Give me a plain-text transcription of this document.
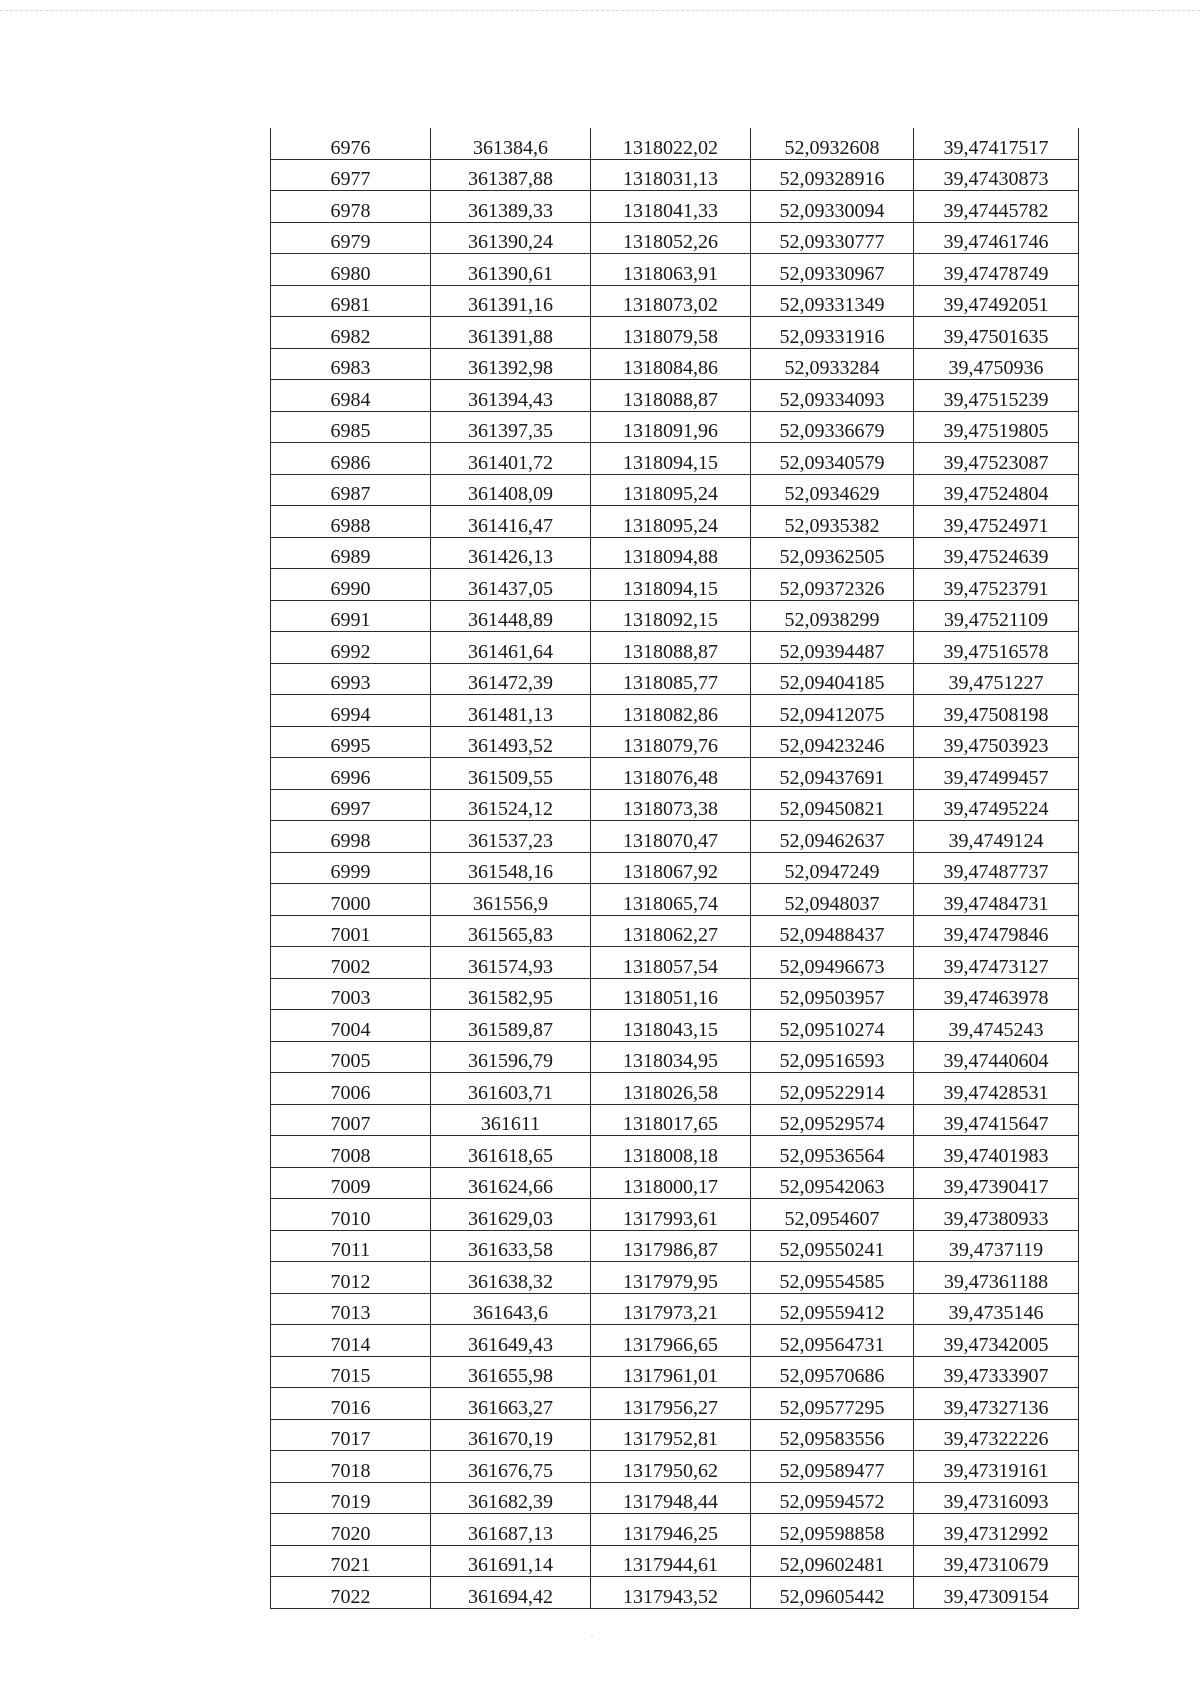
6976	361384,6	1318022,02	52,0932608	39,47417517
6977	361387,88	1318031,13	52,09328916	39,47430873
6978	361389,33	1318041,33	52,09330094	39,47445782
6979	361390,24	1318052,26	52,09330777	39,47461746
6980	361390,61	1318063,91	52,09330967	39,47478749
6981	361391,16	1318073,02	52,09331349	39,47492051
6982	361391,88	1318079,58	52,09331916	39,47501635
6983	361392,98	1318084,86	52,0933284	39,4750936
6984	361394,43	1318088,87	52,09334093	39,47515239
6985	361397,35	1318091,96	52,09336679	39,47519805
6986	361401,72	1318094,15	52,09340579	39,47523087
6987	361408,09	1318095,24	52,0934629	39,47524804
6988	361416,47	1318095,24	52,0935382	39,47524971
6989	361426,13	1318094,88	52,09362505	39,47524639
6990	361437,05	1318094,15	52,09372326	39,47523791
6991	361448,89	1318092,15	52,0938299	39,47521109
6992	361461,64	1318088,87	52,09394487	39,47516578
6993	361472,39	1318085,77	52,09404185	39,4751227
6994	361481,13	1318082,86	52,09412075	39,47508198
6995	361493,52	1318079,76	52,09423246	39,47503923
6996	361509,55	1318076,48	52,09437691	39,47499457
6997	361524,12	1318073,38	52,09450821	39,47495224
6998	361537,23	1318070,47	52,09462637	39,4749124
6999	361548,16	1318067,92	52,0947249	39,47487737
7000	361556,9	1318065,74	52,0948037	39,47484731
7001	361565,83	1318062,27	52,09488437	39,47479846
7002	361574,93	1318057,54	52,09496673	39,47473127
7003	361582,95	1318051,16	52,09503957	39,47463978
7004	361589,87	1318043,15	52,09510274	39,4745243
7005	361596,79	1318034,95	52,09516593	39,47440604
7006	361603,71	1318026,58	52,09522914	39,47428531
7007	361611	1318017,65	52,09529574	39,47415647
7008	361618,65	1318008,18	52,09536564	39,47401983
7009	361624,66	1318000,17	52,09542063	39,47390417
7010	361629,03	1317993,61	52,0954607	39,47380933
7011	361633,58	1317986,87	52,09550241	39,4737119
7012	361638,32	1317979,95	52,09554585	39,47361188
7013	361643,6	1317973,21	52,09559412	39,4735146
7014	361649,43	1317966,65	52,09564731	39,47342005
7015	361655,98	1317961,01	52,09570686	39,47333907
7016	361663,27	1317956,27	52,09577295	39,47327136
7017	361670,19	1317952,81	52,09583556	39,47322226
7018	361676,75	1317950,62	52,09589477	39,47319161
7019	361682,39	1317948,44	52,09594572	39,47316093
7020	361687,13	1317946,25	52,09598858	39,47312992
7021	361691,14	1317944,61	52,09602481	39,47310679
7022	361694,42	1317943,52	52,09605442	39,47309154
·
